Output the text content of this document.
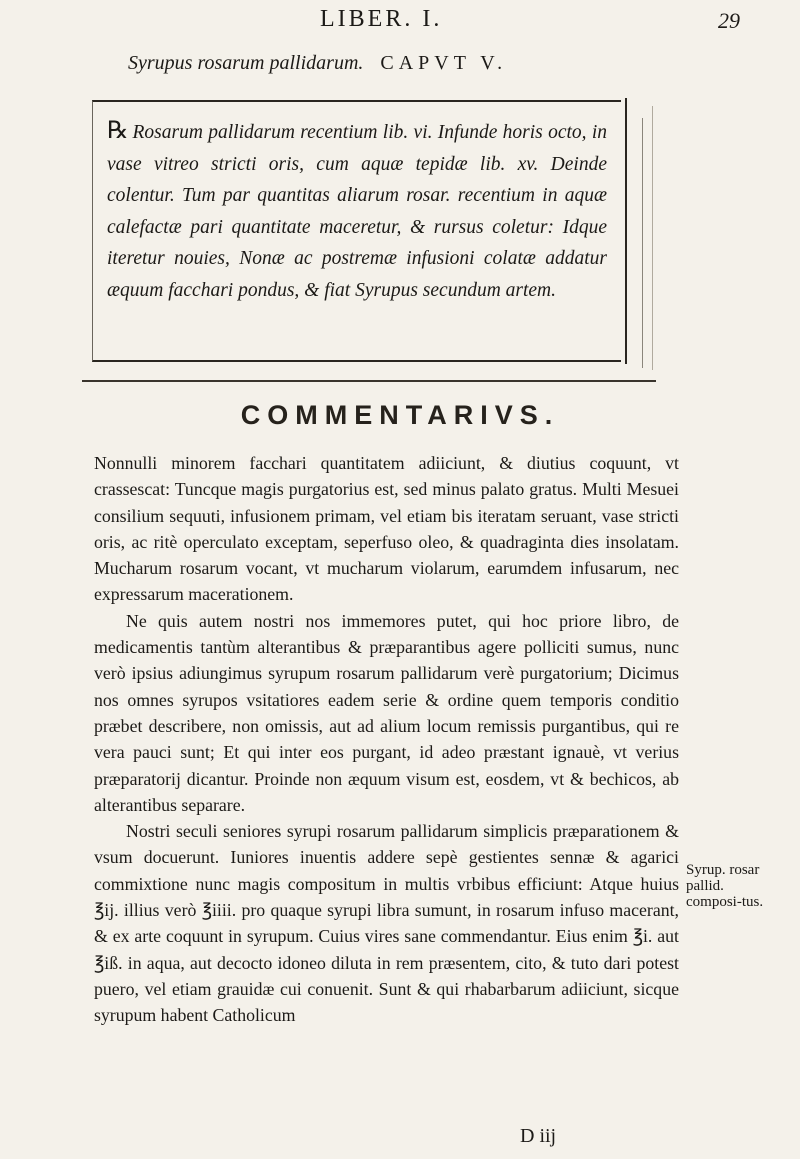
LIBER. I.	29
Syrupus rosarum pallidarum. CAPVT V.
℞ Rosarum pallidarum recentium lib. vi. Infunde horis octo, in vase vitreo stricti oris, cum aquæ tepidæ lib. xv. Deinde colentur. Tum par quantitas aliarum rosar. recentium in aquæ calefactæ pari quantitate maceretur, & rursus coletur: Idque iteretur nouies, Nonæ ac postremæ infusioni colatæ addatur æquum facchari pondus, & fiat Syrupus secundum artem.
COMMENTARIVS.

Nonnulli minorem facchari quantitatem adiiciunt, & diutius coquunt, vt crassescat: Tuncque magis purgatorius est, sed minus palato gratus. Multi Mesuei consilium sequuti, infusionem primam, vel etiam bis iteratam seruant, vase stricti oris, ac ritè operculato exceptam, seperfuso oleo, & quadraginta dies insolatam. Mucharum rosarum vocant, vt mucharum violarum, earumdem infusarum, nec expressarum macerationem.

Ne quis autem nostri nos immemores putet, qui hoc priore libro, de medicamentis tantùm alterantibus & præparantibus agere polliciti sumus, nunc verò ipsius adiungimus syrupum rosarum pallidarum verè purgatorium; Dicimus nos omnes syrupos vsitatiores eadem serie & ordine quem temporis conditio præbet describere, non omissis, aut ad alium locum remissis purgantibus, qui re vera pauci sunt; Et qui inter eos purgant, id adeo præstant ignauè, vt verius præparatorij dicantur. Proinde non æquum visum est, eosdem, vt & bechicos, ab alterantibus separare.

Nostri seculi seniores syrupi rosarum pallidarum simplicis præparationem & vsum docuerunt. Iuniores inuentis addere sepè gestientes sennæ & agarici commixtione nunc magis compositum in multis vrbibus efficiunt: Atque huius ℥ij. illius verò ℥iiii. pro quaque syrupi libra sumunt, in rosarum infuso macerant, & ex arte coquunt in syrupum. Cuius vires sane commendantur. Eius enim ℥i. aut ℥iß. in aqua, aut decocto idoneo diluta in rem præsentem, cito, & tuto dari potest puero, vel etiam grauidæ cui conuenit. Sunt & qui rhabarbarum adiiciunt, sicque syrupum habent Catholicum

Syrup. rosar pallid. composi-tus.
D iij
